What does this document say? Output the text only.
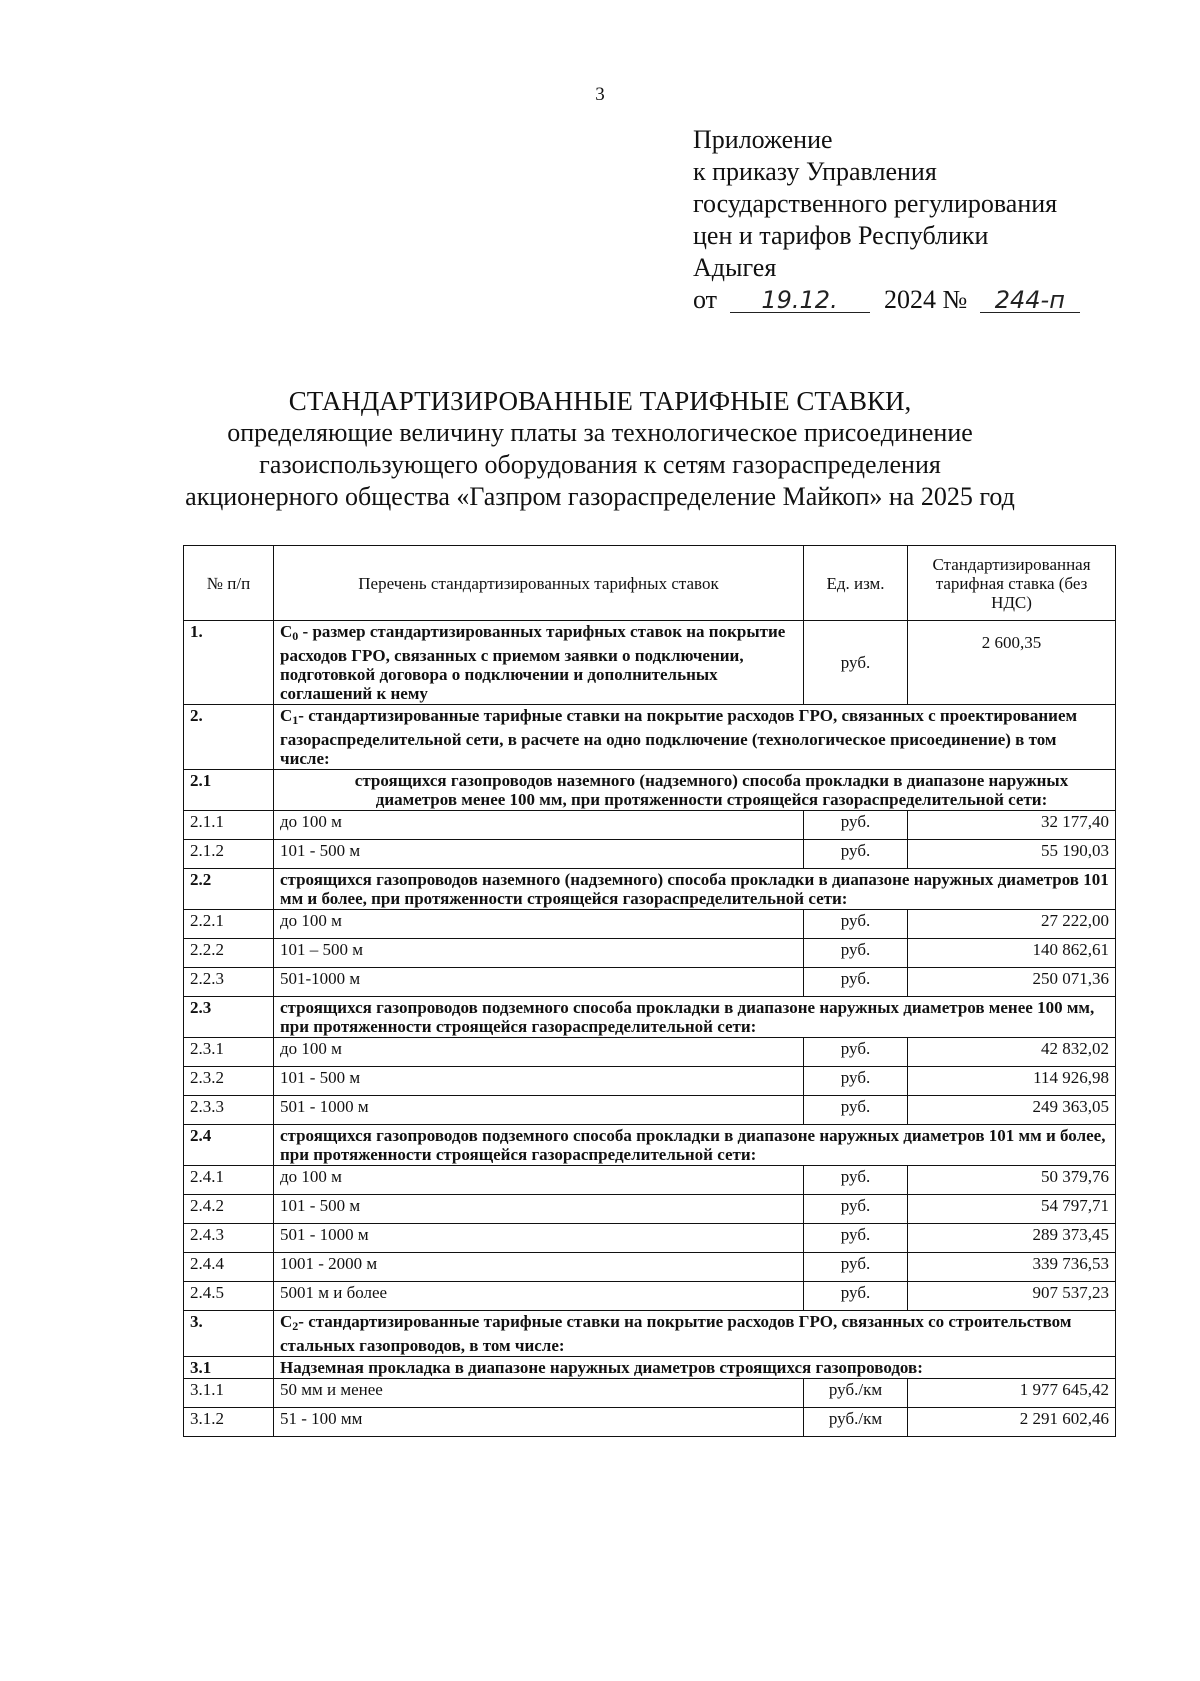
3
Приложение
к приказу Управления
государственного регулирования
цен и тарифов Республики
Адыгея
от 19.12. 2024 № 244-п
СТАНДАРТИЗИРОВАННЫЕ ТАРИФНЫЕ СТАВКИ,
определяющие величину платы за технологическое присоединение
газоиспользующего оборудования к сетям газораспределения
акционерного общества «Газпром газораспределение Майкоп» на 2025 год
№ п/п	Перечень стандартизированных тарифных ставок	Ед. изм.	Стандартизированная тарифная ставка (без НДС)
1.	$C_0$ - размер стандартизированных тарифных ставок на покрытие расходов ГРО, связанных с приемом заявки о подключении, подготовкой договора о подключении и дополнительных соглашений к нему	руб.	2 600,35
2.	$C_1-$ стандартизированные тарифные ставки на покрытие расходов ГРО, связанных с проектированием газораспределительной сети, в расчете на одно подключение (технологическое присоединение) в том числе:		
2.1	строящихся газопроводов наземного (надземного) способа прокладки в диапазоне наружных диаметров менее 100 мм, при протяженности строящейся газораспределительной сети:		
2.1.1	до 100 м	руб.	32 177,40
2.1.2	101 - 500 м	руб.	55 190,03
2.2	строящихся газопроводов наземного (надземного) способа прокладки в диапазоне наружных диаметров 101 мм и более, при протяженности строящейся газораспределительной сети:		
2.2.1	до 100 м	руб.	27 222,00
2.2.2	101 – 500 м	руб.	140 862,61
2.2.3	501-1000 м	руб.	250 071,36
2.3	строящихся газопроводов подземного способа прокладки в диапазоне наружных диаметров менее 100 мм, при протяженности строящейся газораспределительной сети:		
2.3.1	до 100 м	руб.	42 832,02
2.3.2	101 - 500 м	руб.	114 926,98
2.3.3	501 - 1000 м	руб.	249 363,05
2.4	строящихся газопроводов подземного способа прокладки в диапазоне наружных диаметров 101 мм и более, при протяженности строящейся газораспределительной сети:		
2.4.1	до 100 м	руб.	50 379,76
2.4.2	101 - 500 м	руб.	54 797,71
2.4.3	501 - 1000 м	руб.	289 373,45
2.4.4	1001 - 2000 м	руб.	339 736,53
2.4.5	5001 м и более	руб.	907 537,23
3.	$C_2-$ стандартизированные тарифные ставки на покрытие расходов ГРО, связанных со строительством стальных газопроводов, в том числе:		
3.1	Надземная прокладка в диапазоне наружных диаметров строящихся газопроводов:		
3.1.1	50 мм и менее	руб./км	1 977 645,42
3.1.2	51 - 100 мм	руб./км	2 291 602,46
